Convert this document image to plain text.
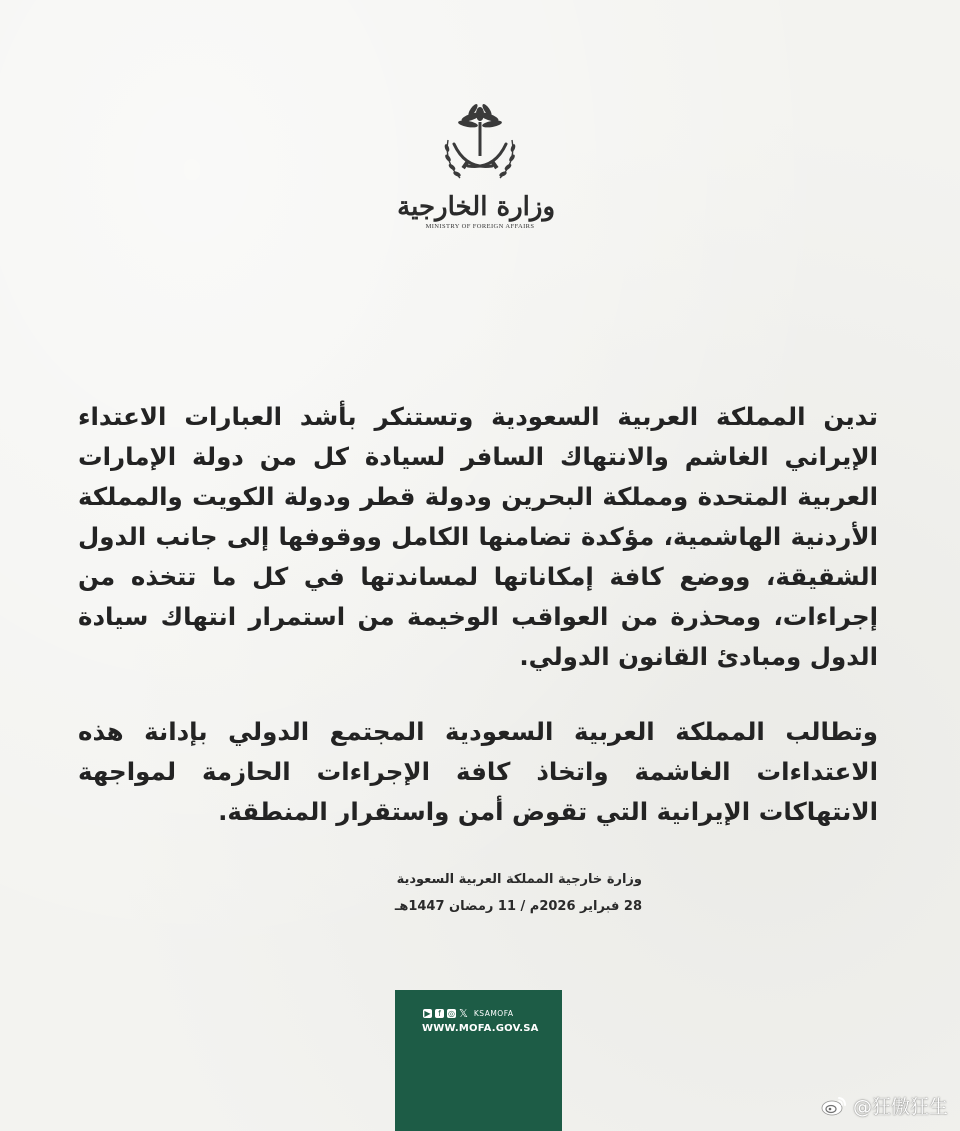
وزارة الخارجية
MINISTRY OF FOREIGN AFFAIRS

تدين المملكة العربية السعودية وتستنكر بأشد العبارات الاعتداء الإيراني الغاشم والانتهاك السافر لسيادة كل من دولة الإمارات العربية المتحدة ومملكة البحرين ودولة قطر ودولة الكويت والمملكة الأردنية الهاشمية، مؤكدة تضامنها الكامل ووقوفها إلى جانب الدول الشقيقة، ووضع كافة إمكاناتها لمساندتها في كل ما تتخذه من إجراءات، ومحذرة من العواقب الوخيمة من استمرار انتهاك سيادة الدول ومبادئ القانون الدولي.

وتطالب المملكة العربية السعودية المجتمع الدولي بإدانة هذه الاعتداءات الغاشمة واتخاذ كافة الإجراءات الحازمة لمواجهة الانتهاكات الإيرانية التي تقوض أمن واستقرار المنطقة.

وزارة خارجية المملكة العربية السعودية
28 فبراير 2026م / 11 رمضان 1447هـ
▶ f ◎ 𝕏 KSAMOFA
WWW.MOFA.GOV.SA
@狂傲狂生
